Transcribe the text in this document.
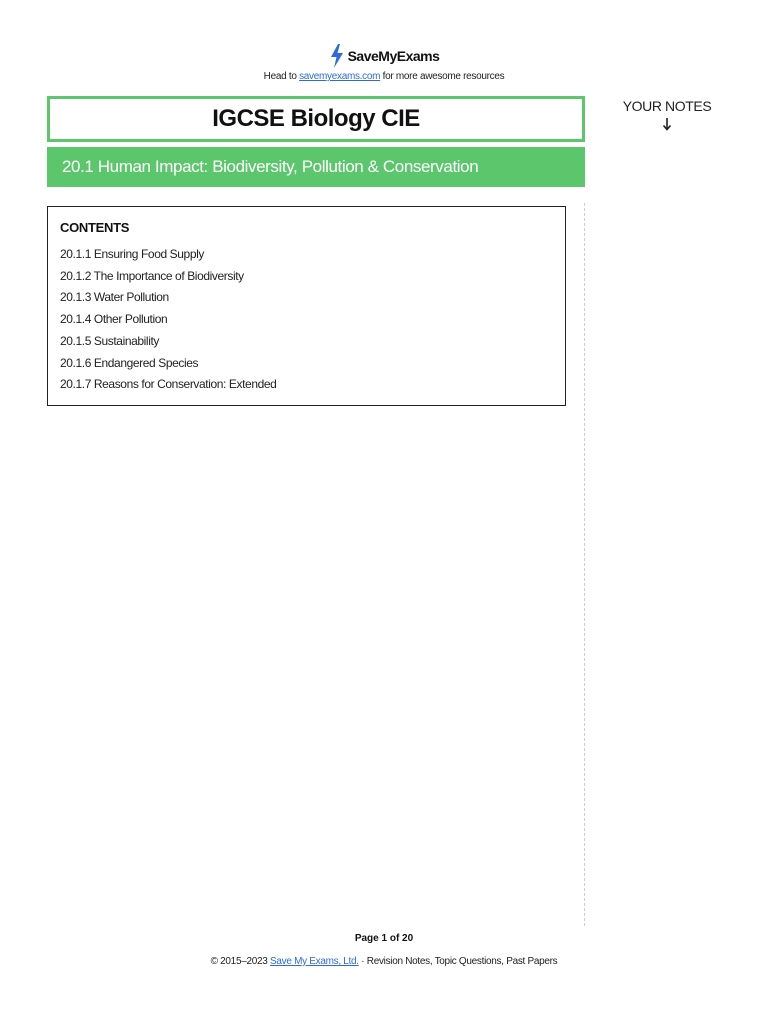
SaveMyExams
Head to savemyexams.com for more awesome resources
IGCSE Biology CIE
20.1 Human Impact: Biodiversity, Pollution & Conservation
YOUR NOTES
CONTENTS
20.1.1 Ensuring Food Supply
20.1.2 The Importance of Biodiversity
20.1.3 Water Pollution
20.1.4 Other Pollution
20.1.5 Sustainability
20.1.6 Endangered Species
20.1.7 Reasons for Conservation: Extended
Page 1 of 20
© 2015–2023 Save My Exams, Ltd. · Revision Notes, Topic Questions, Past Papers
